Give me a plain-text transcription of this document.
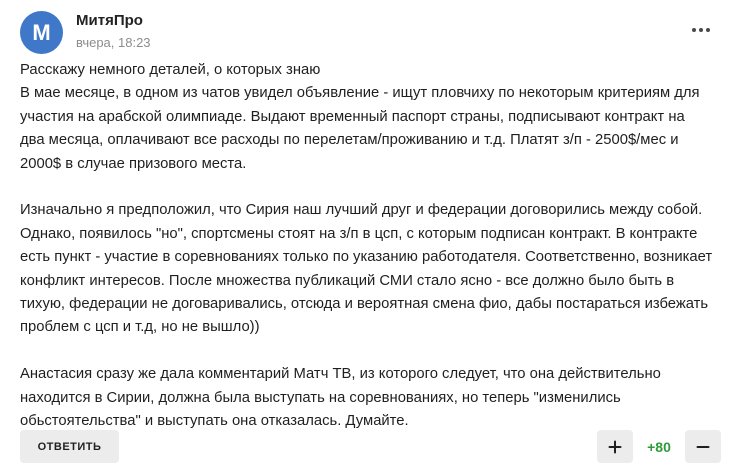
M МитяПро
вчера, 18:23
Расскажу немного деталей, о которых знаю
В мае месяце, в одном из чатов увидел объявление - ищут пловчиху по некоторым критериям для
участия на арабской олимпиаде. Выдают временный паспорт страны, подписывают контракт на
два месяца, оплачивают все расходы по перелетам/проживанию и т.д. Платят з/п - 2500$/мес и
2000$ в случае призового места.
Изначально я предположил, что Сирия наш лучший друг и федерации договорились между собой.
Однако, появилось "но", спортсмены стоят на з/п в цсп, с которым подписан контракт. В контракте
есть пункт - участие в соревнованиях только по указанию работодателя. Соответственно, возникает
конфликт интересов. После множества публикаций СМИ стало ясно - все должно было быть в
тихую, федерации не договаривались, отсюда и вероятная смена фио, дабы постараться избежать
проблем с цсп и т.д, но не вышло))
Анастасия сразу же дала комментарий Матч ТВ, из которого следует, что она действительно
находится в Сирии, должна была выступать на соревнованиях, но теперь "изменились
обьстоятельства" и выступать она отказалась. Думайте.
ОТВЕТИТЬ	+80
